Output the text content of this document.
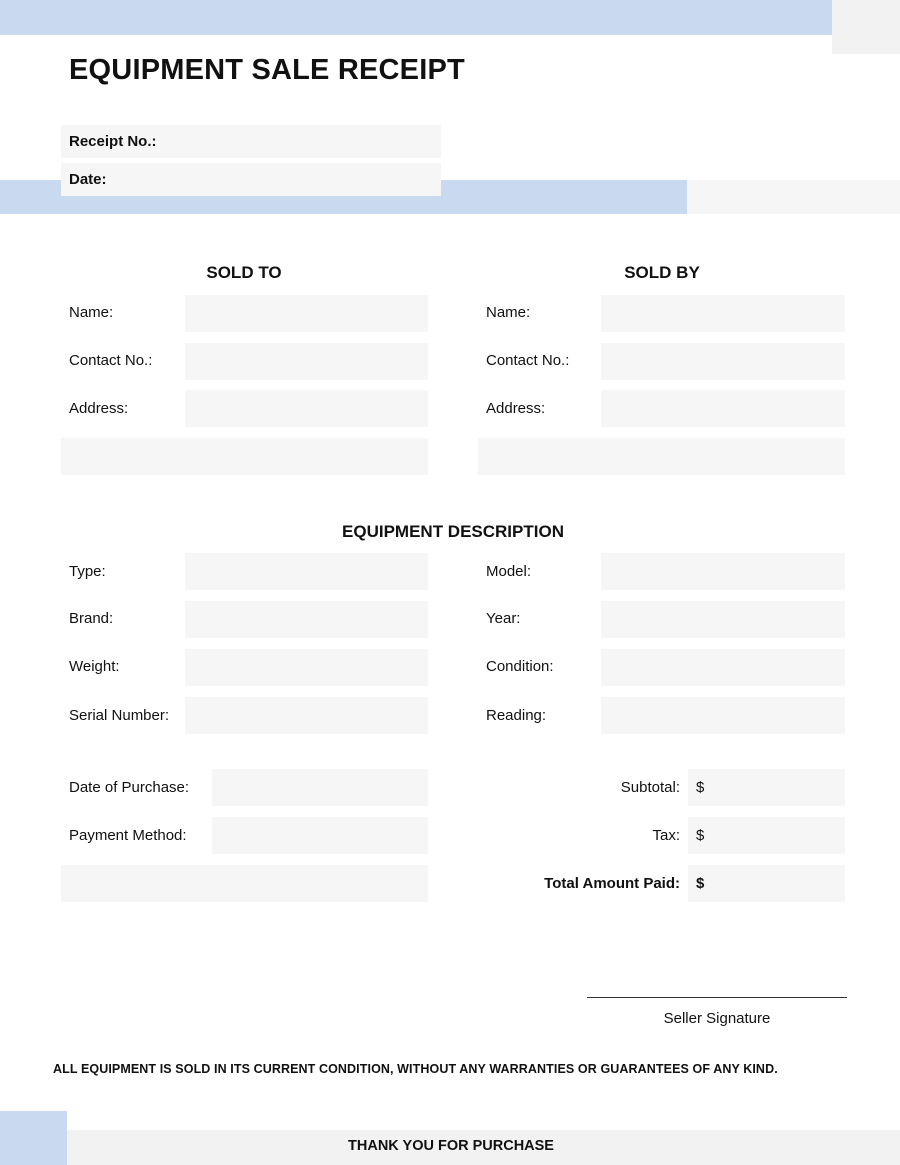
EQUIPMENT SALE RECEIPT
Receipt No.:
Date:
SOLD TO
Name:
Contact No.:
Address:
SOLD BY
Name:
Contact No.:
Address:
EQUIPMENT DESCRIPTION
Type:
Brand:
Weight:
Serial Number:
Model:
Year:
Condition:
Reading:
Date of Purchase:
Payment Method:
Subtotal: $
Tax: $
Total Amount Paid: $
Seller Signature
ALL EQUIPMENT IS SOLD IN ITS CURRENT CONDITION, WITHOUT ANY WARRANTIES OR GUARANTEES OF ANY KIND.
THANK YOU FOR PURCHASE
